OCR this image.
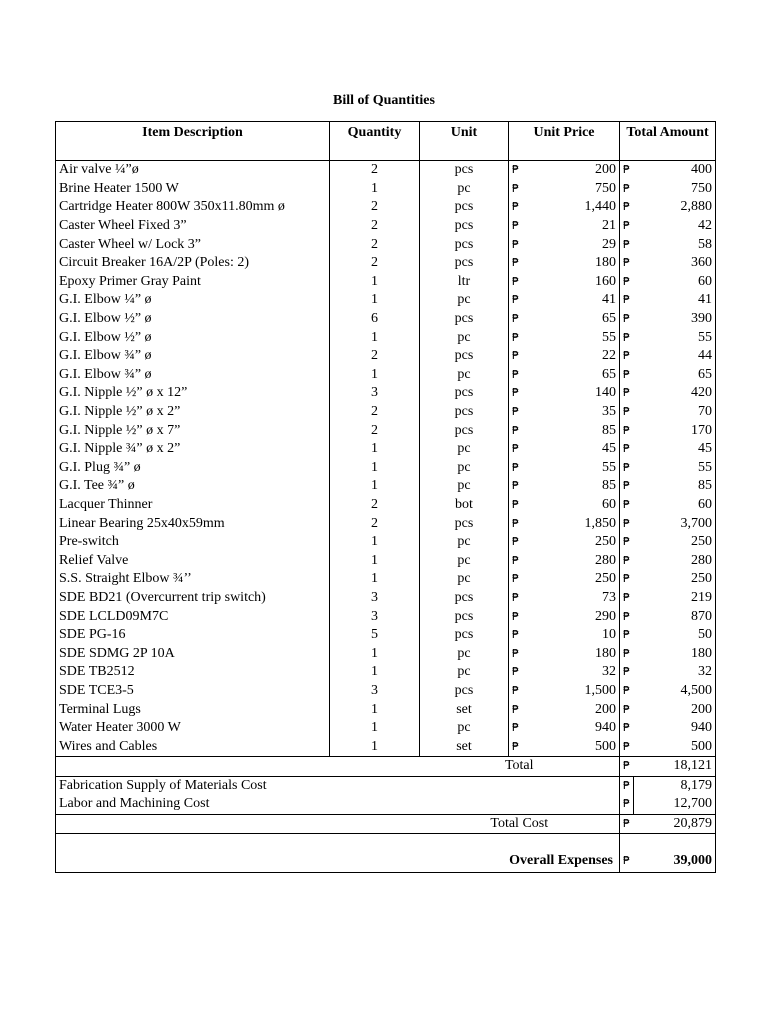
Bill of Quantities
Item Description	Quantity	Unit	Unit Price		Total Amount	
Air valve ¼”ø	2	pcs	₱	200	₱	400
Brine Heater 1500 W	1	pc	₱	750	₱	750
Cartridge Heater 800W 350x11.80mm ø	2	pcs	₱	1,440	₱	2,880
Caster Wheel Fixed 3”	2	pcs	₱	21	₱	42
Caster Wheel w/ Lock 3”	2	pcs	₱	29	₱	58
Circuit Breaker 16A/2P (Poles: 2)	2	pcs	₱	180	₱	360
Epoxy Primer Gray Paint	1	ltr	₱	160	₱	60
G.I. Elbow ¼” ø	1	pc	₱	41	₱	41
G.I. Elbow ½” ø	6	pcs	₱	65	₱	390
G.I. Elbow ½” ø	1	pc	₱	55	₱	55
G.I. Elbow ¾” ø	2	pcs	₱	22	₱	44
G.I. Elbow ¾” ø	1	pc	₱	65	₱	65
G.I. Nipple ½” ø x 12”	3	pcs	₱	140	₱	420
G.I. Nipple ½” ø x 2”	2	pcs	₱	35	₱	70
G.I. Nipple ½” ø x 7”	2	pcs	₱	85	₱	170
G.I. Nipple ¾” ø x 2”	1	pc	₱	45	₱	45
G.I. Plug ¾” ø	1	pc	₱	55	₱	55
G.I. Tee ¾” ø	1	pc	₱	85	₱	85
Lacquer Thinner	2	bot	₱	60	₱	60
Linear Bearing 25x40x59mm	2	pcs	₱	1,850	₱	3,700
Pre-switch	1	pc	₱	250	₱	250
Relief Valve	1	pc	₱	280	₱	280
S.S. Straight Elbow ¾’’	1	pc	₱	250	₱	250
SDE BD21 (Overcurrent trip switch)	3	pcs	₱	73	₱	219
SDE LCLD09M7C	3	pcs	₱	290	₱	870
SDE PG-16	5	pcs	₱	10	₱	50
SDE SDMG 2P 10A	1	pc	₱	180	₱	180
SDE TB2512	1	pc	₱	32	₱	32
SDE TCE3-5	3	pcs	₱	1,500	₱	4,500
Terminal Lugs	1	set	₱	200	₱	200
Water Heater 3000 W	1	pc	₱	940	₱	940
Wires and Cables	1	set	₱	500	₱	500
		Total			₱	18,121
Fabrication Supply of Materials Cost					₱	8,179
Labor and Machining Cost					₱	12,700
		Total Cost			₱	20,879
		Overall Expenses			₱	39,000
